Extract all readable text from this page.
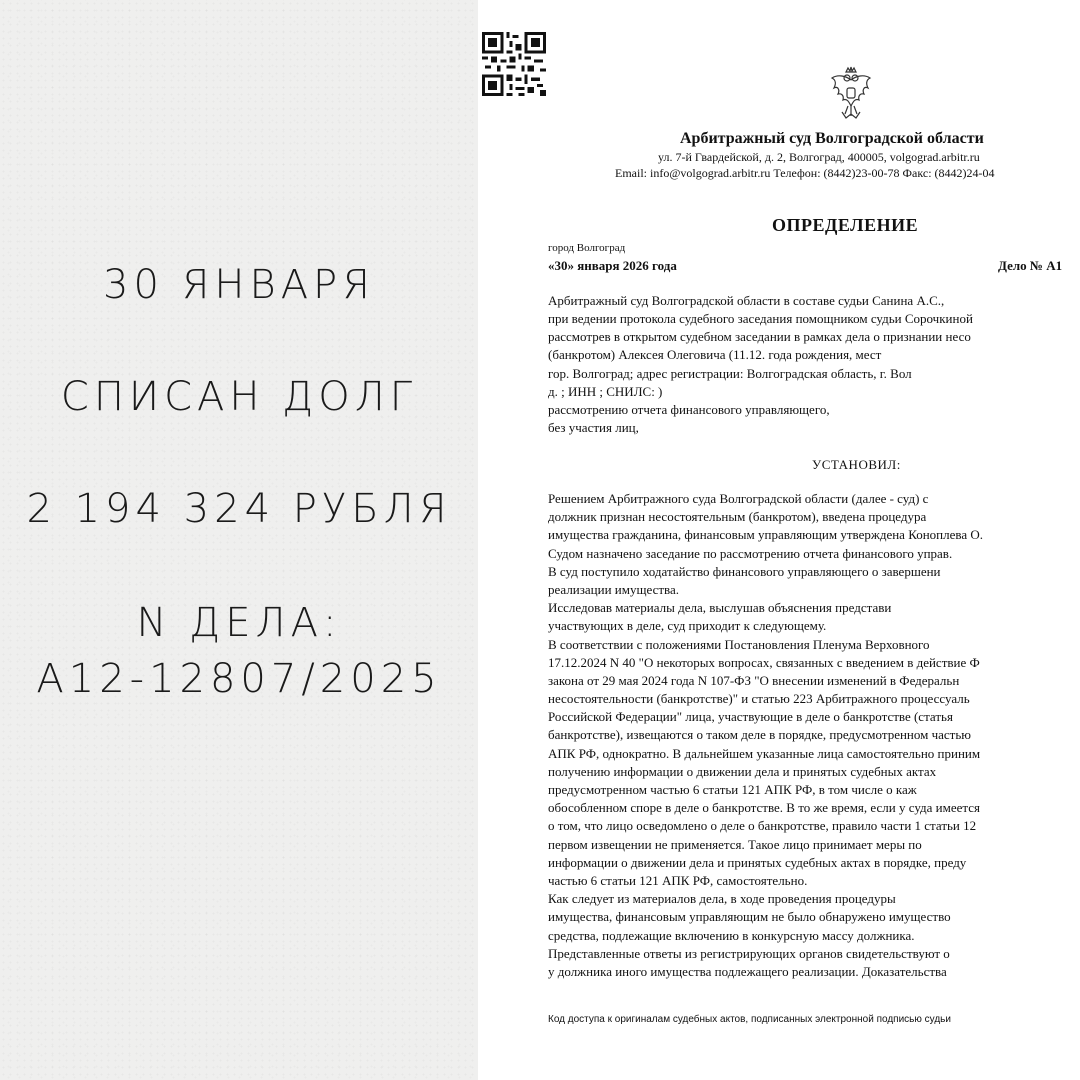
30 ЯНВАРЯ
СПИСАН ДОЛГ
2 194 324 РУБЛЯ
N ДЕЛА:
А12-12807/2025
Арбитражный суд Волгоградской области
ул. 7-й Гвардейской, д. 2, Волгоград, 400005, volgograd.arbitr.ru
Email: info@volgograd.arbitr.ru Телефон: (8442)23-00-78 Факс: (8442)24-04
ОПРЕДЕЛЕНИЕ
город Волгоград
«30» января 2026 года	Дело № А1
Арбитражный суд Волгоградской области в составе судьи Санина А.С.,
при ведении протокола судебного заседания помощником судьи Сорочкиной
рассмотрев в открытом судебном заседании в рамках дела о признании несо
(банкротом) Алексея Олеговича (11.12. года рождения, мест
гор. Волгоград; адрес регистрации: Волгоградская область, г. Вол
д. ; ИНН ; СНИЛС: )
рассмотрению отчета финансового управляющего,
без участия лиц,
УСТАНОВИЛ:
Решением Арбитражного суда Волгоградской области (далее - суд) с
должник признан несостоятельным (банкротом), введена процедура
имущества гражданина, финансовым управляющим утверждена Коноплева О.
Судом назначено заседание по рассмотрению отчета финансового управ.
В суд поступило ходатайство финансового управляющего о завершени
реализации имущества.
Исследовав материалы дела, выслушав объяснения представи
участвующих в деле, суд приходит к следующему.
В соответствии с положениями Постановления Пленума Верховного
17.12.2024 N 40 "О некоторых вопросах, связанных с введением в действие Ф
закона от 29 мая 2024 года N 107-ФЗ "О внесении изменений в Федеральн
несостоятельности (банкротстве)" и статью 223 Арбитражного процессуаль
Российской Федерации" лица, участвующие в деле о банкротстве (статья
банкротстве), извещаются о таком деле в порядке, предусмотренном частью
АПК РФ, однократно. В дальнейшем указанные лица самостоятельно приним
получению информации о движении дела и принятых судебных актах
предусмотренном частью 6 статьи 121 АПК РФ, в том числе о каж
обособленном споре в деле о банкротстве. В то же время, если у суда имеется
о том, что лицо осведомлено о деле о банкротстве, правило части 1 статьи 12
первом извещении не применяется. Такое лицо принимает меры по
информации о движении дела и принятых судебных актах в порядке, преду
частью 6 статьи 121 АПК РФ, самостоятельно.
Как следует из материалов дела, в ходе проведения процедуры
имущества, финансовым управляющим не было обнаружено имущество
средства, подлежащие включению в конкурсную массу должника.
Представленные ответы из регистрирующих органов свидетельствуют о
у должника иного имущества подлежащего реализации. Доказательства
Код доступа к оригиналам судебных актов, подписанных электронной подписью судьи
